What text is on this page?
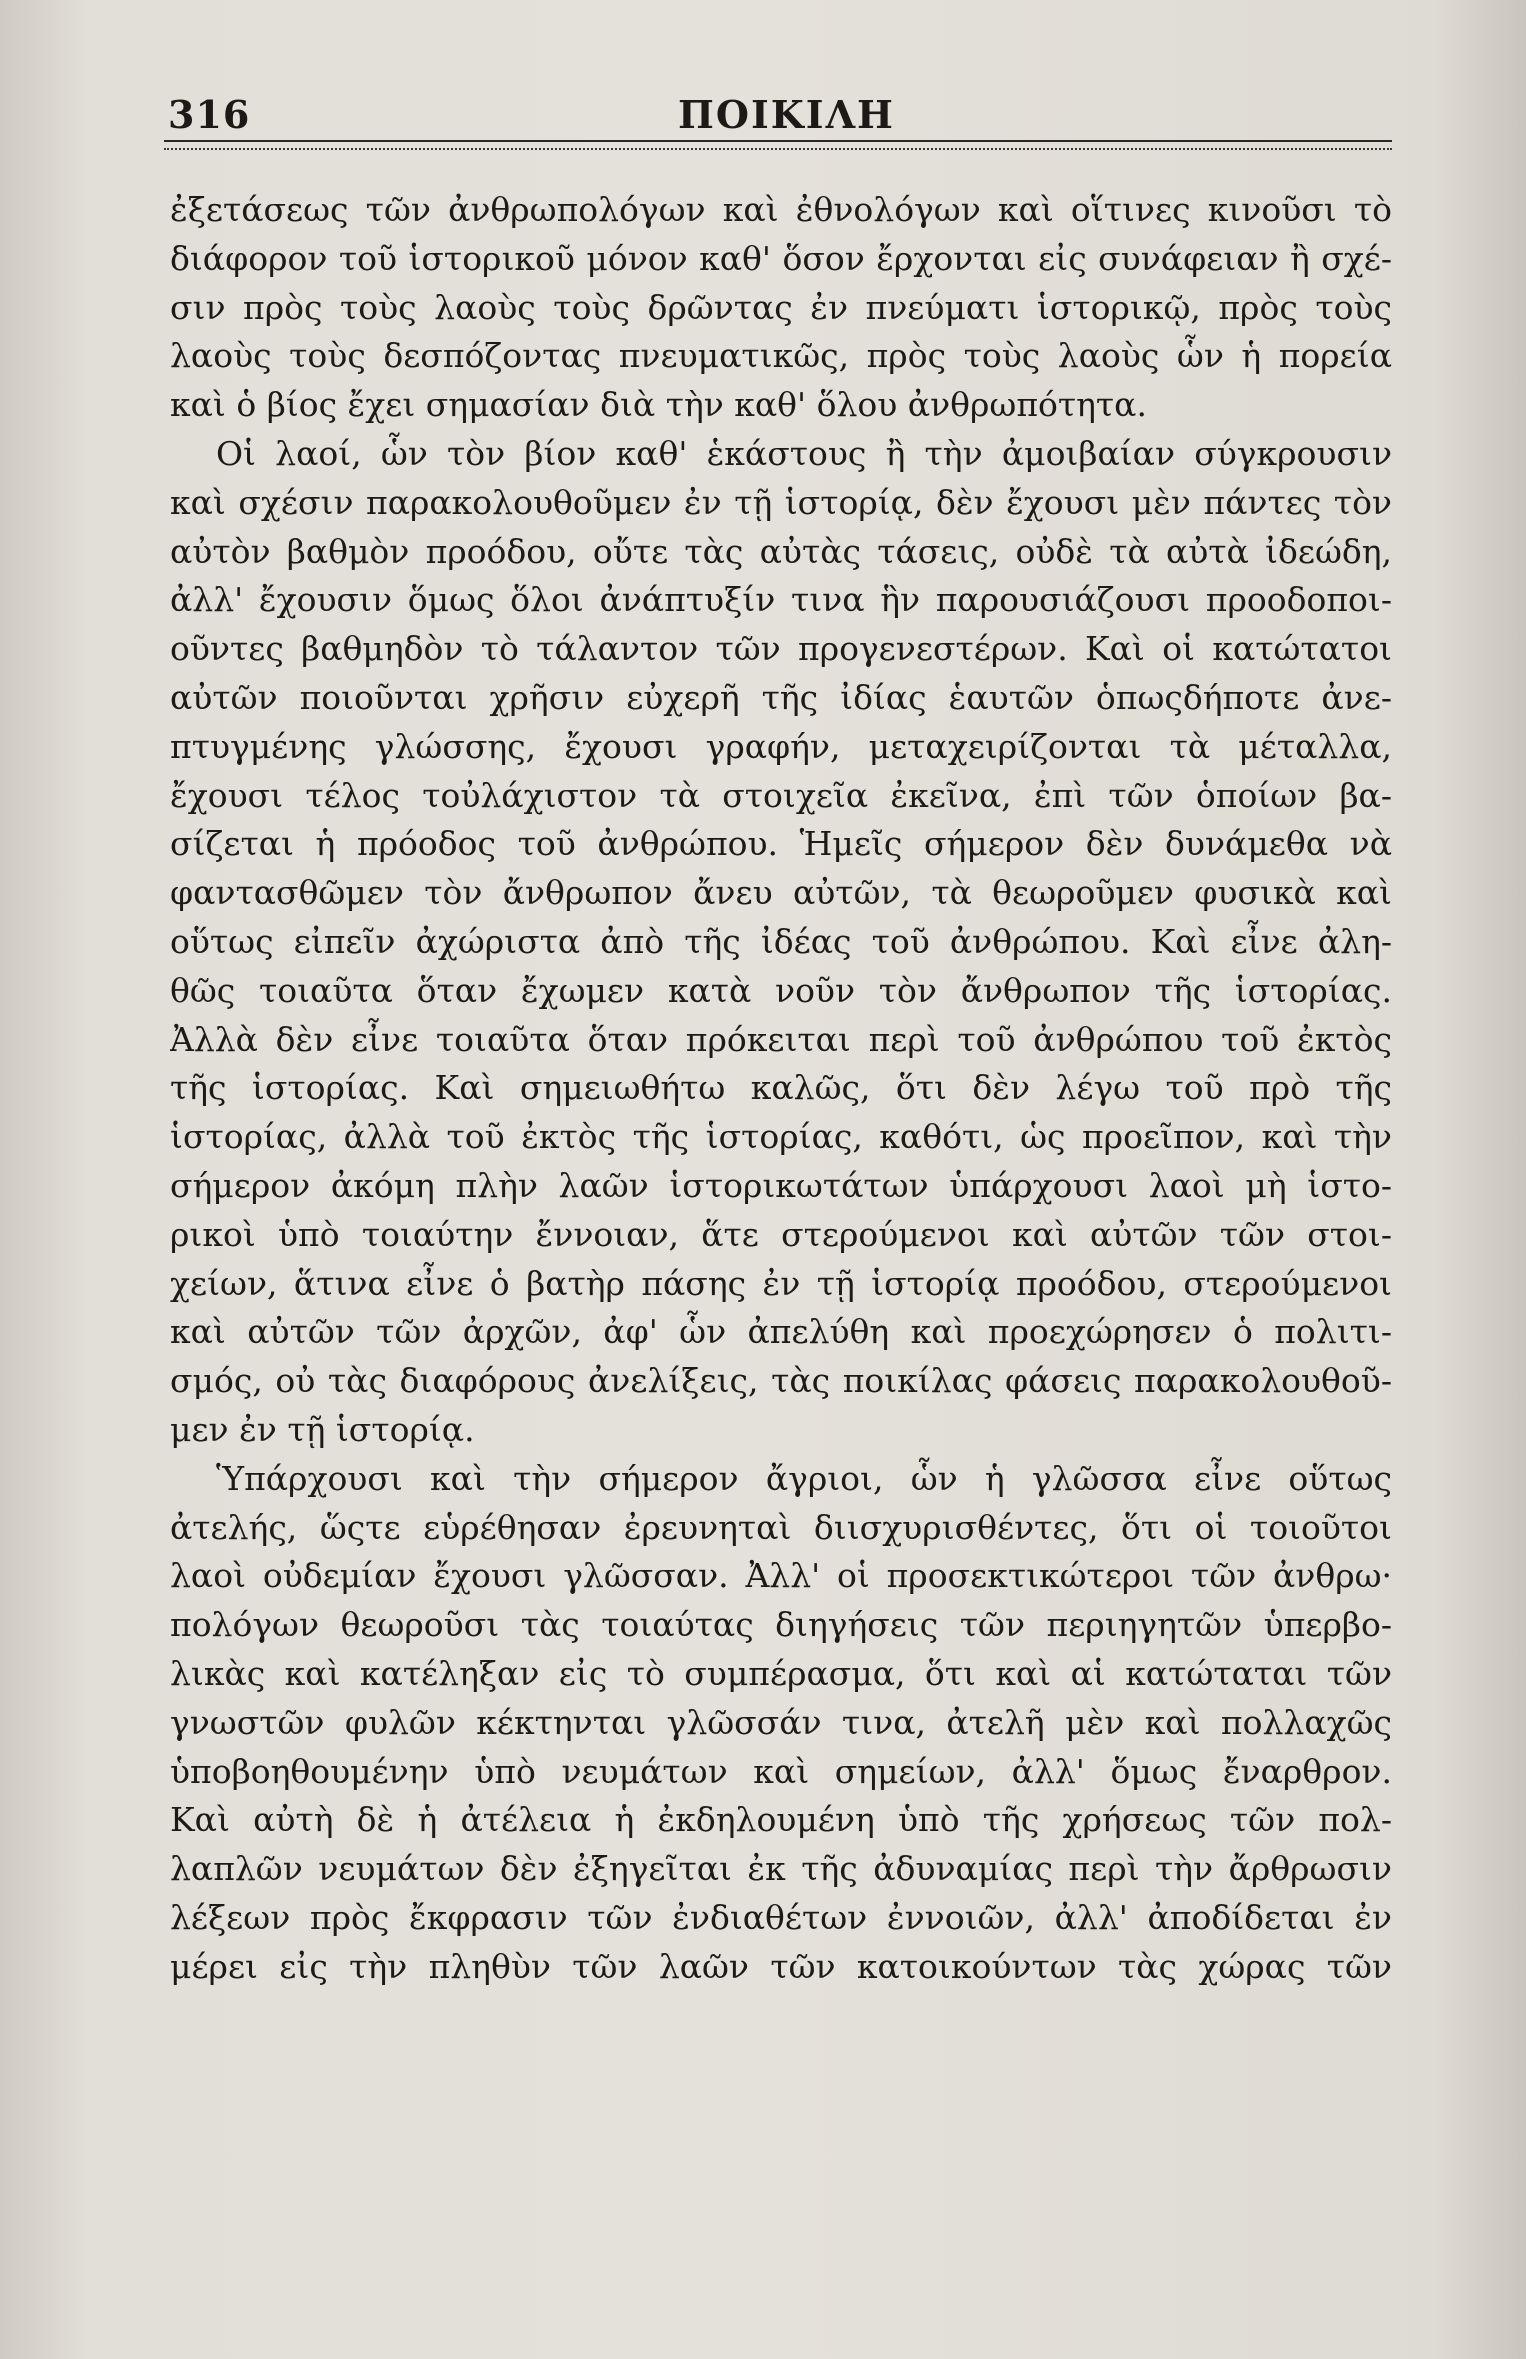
316	ΠΟΙΚΙΛΗ
ἐξετάσεως τῶν ἀνθρωπολόγων καὶ ἐθνολόγων καὶ οἵτινες κινοῦσι τὸ
διάφορον τοῦ ἱστορικοῦ μόνον καθ' ὅσον ἔρχονται εἰς συνάφειαν ἢ σχέ-
σιν πρὸς τοὺς λαοὺς τοὺς δρῶντας ἐν πνεύματι ἱστορικῷ, πρὸς τοὺς
λαοὺς τοὺς δεσπόζοντας πνευματικῶς, πρὸς τοὺς λαοὺς ὧν ἡ πορεία
καὶ ὁ βίος ἔχει σημασίαν διὰ τὴν καθ' ὅλου ἀνθρωπότητα.
Οἱ λαοί, ὧν τὸν βίον καθ' ἑκάστους ἢ τὴν ἀμοιβαίαν σύγκρουσιν
καὶ σχέσιν παρακολουθοῦμεν ἐν τῇ ἱστορίᾳ, δὲν ἔχουσι μὲν πάντες τὸν
αὐτὸν βαθμὸν προόδου, οὔτε τὰς αὐτὰς τάσεις, οὐδὲ τὰ αὐτὰ ἰδεώδη,
ἀλλ' ἔχουσιν ὅμως ὅλοι ἀνάπτυξίν τινα ἣν παρουσιάζουσι προοδοποι-
οῦντες βαθμηδὸν τὸ τάλαντον τῶν προγενεστέρων. Καὶ οἱ κατώτατοι
αὐτῶν ποιοῦνται χρῆσιν εὐχερῆ τῆς ἰδίας ἑαυτῶν ὁπωςδήποτε ἀνε-
πτυγμένης γλώσσης, ἔχουσι γραφήν, μεταχειρίζονται τὰ μέταλλα,
ἔχουσι τέλος τοὐλάχιστον τὰ στοιχεῖα ἐκεῖνα, ἐπὶ τῶν ὁποίων βα-
σίζεται ἡ πρόοδος τοῦ ἀνθρώπου. Ἡμεῖς σήμερον δὲν δυνάμεθα νὰ
φαντασθῶμεν τὸν ἄνθρωπον ἄνευ αὐτῶν, τὰ θεωροῦμεν φυσικὰ καὶ
οὕτως εἰπεῖν ἀχώριστα ἀπὸ τῆς ἰδέας τοῦ ἀνθρώπου. Καὶ εἶνε ἀλη-
θῶς τοιαῦτα ὅταν ἔχωμεν κατὰ νοῦν τὸν ἄνθρωπον τῆς ἱστορίας.
Ἀλλὰ δὲν εἶνε τοιαῦτα ὅταν πρόκειται περὶ τοῦ ἀνθρώπου τοῦ ἐκτὸς
τῆς ἱστορίας. Καὶ σημειωθήτω καλῶς, ὅτι δὲν λέγω τοῦ πρὸ τῆς
ἱστορίας, ἀλλὰ τοῦ ἐκτὸς τῆς ἱστορίας, καθότι, ὡς προεῖπον, καὶ τὴν
σήμερον ἀκόμη πλὴν λαῶν ἱστορικωτάτων ὑπάρχουσι λαοὶ μὴ ἱστο-
ρικοὶ ὑπὸ τοιαύτην ἔννοιαν, ἅτε στερούμενοι καὶ αὐτῶν τῶν στοι-
χείων, ἅτινα εἶνε ὁ βατὴρ πάσης ἐν τῇ ἱστορίᾳ προόδου, στερούμενοι
καὶ αὐτῶν τῶν ἀρχῶν, ἀφ' ὧν ἀπελύθη καὶ προεχώρησεν ὁ πολιτι-
σμός, οὐ τὰς διαφόρους ἀνελίξεις, τὰς ποικίλας φάσεις παρακολουθοῦ-
μεν ἐν τῇ ἱστορίᾳ.
Ὑπάρχουσι καὶ τὴν σήμερον ἄγριοι, ὧν ἡ γλῶσσα εἶνε οὕτως
ἀτελής, ὥςτε εὑρέθησαν ἐρευνηταὶ διισχυρισθέντες, ὅτι οἱ τοιοῦτοι
λαοὶ οὐδεμίαν ἔχουσι γλῶσσαν. Ἀλλ' οἱ προσεκτικώτεροι τῶν ἀνθρω·
πολόγων θεωροῦσι τὰς τοιαύτας διηγήσεις τῶν περιηγητῶν ὑπερβο-
λικὰς καὶ κατέληξαν εἰς τὸ συμπέρασμα, ὅτι καὶ αἱ κατώταται τῶν
γνωστῶν φυλῶν κέκτηνται γλῶσσάν τινα, ἀτελῆ μὲν καὶ πολλαχῶς
ὑποβοηθουμένην ὑπὸ νευμάτων καὶ σημείων, ἀλλ' ὅμως ἔναρθρον.
Καὶ αὐτὴ δὲ ἡ ἀτέλεια ἡ ἐκδηλουμένη ὑπὸ τῆς χρήσεως τῶν πολ-
λαπλῶν νευμάτων δὲν ἐξηγεῖται ἐκ τῆς ἀδυναμίας περὶ τὴν ἄρθρωσιν
λέξεων πρὸς ἔκφρασιν τῶν ἐνδιαθέτων ἐννοιῶν, ἀλλ' ἀποδίδεται ἐν
μέρει εἰς τὴν πληθὺν τῶν λαῶν τῶν κατοικούντων τὰς χώρας τῶν
